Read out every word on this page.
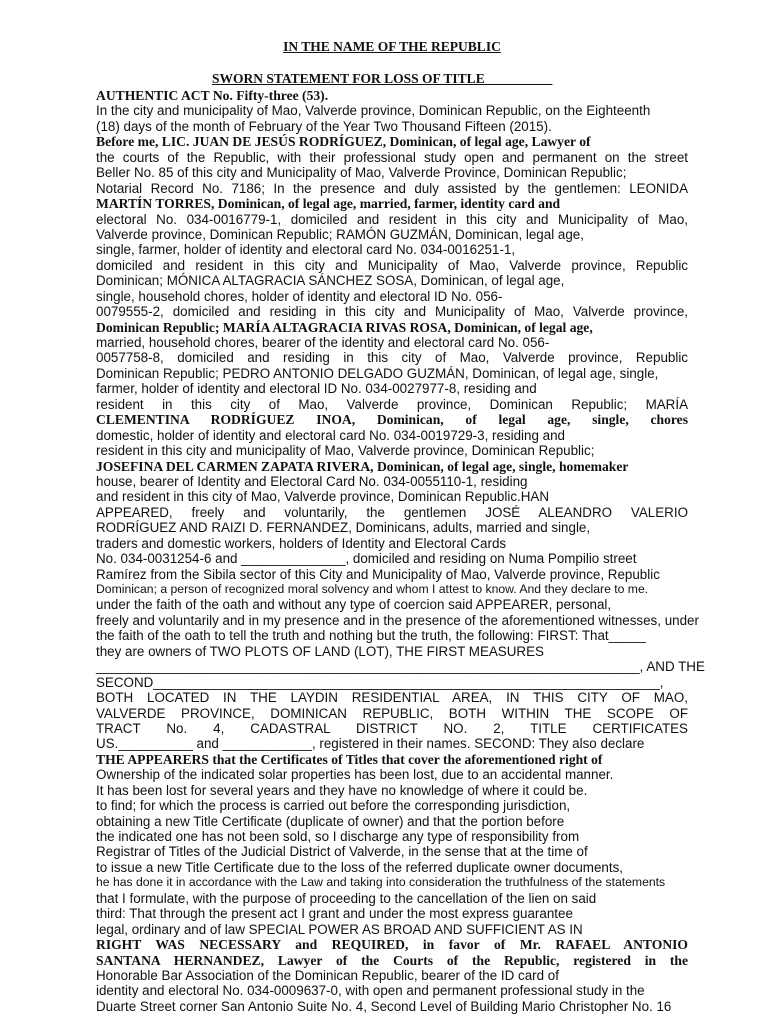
IN THE NAME OF THE REPUBLIC

SWORN STATEMENT FOR LOSS OF TITLE__________

AUTHENTIC ACT No. Fifty-three (53).
In the city and municipality of Mao, Valverde province, Dominican Republic, on the Eighteenth
(18) days of the month of February of the Year Two Thousand Fifteen (2015).
Before me, LIC. JUAN DE JESÚS RODRÍGUEZ, Dominican, of legal age, Lawyer of
the courts of the Republic, with their professional study open and permanent on the street
Beller No. 85 of this city and Municipality of Mao, Valverde Province, Dominican Republic;
Notarial Record No. 7186; In the presence and duly assisted by the gentlemen: LEONIDA
MARTÍN TORRES, Dominican, of legal age, married, farmer, identity card and
electoral No. 034-0016779-1, domiciled and resident in this city and Municipality of Mao,
Valverde province, Dominican Republic; RAMÓN GUZMÁN, Dominican, legal age,
single, farmer, holder of identity and electoral card No. 034-0016251-1,
domiciled and resident in this city and Municipality of Mao, Valverde province, Republic
Dominican; MÓNICA ALTAGRACIA SÁNCHEZ SOSA, Dominican, of legal age,
single, household chores, holder of identity and electoral ID No. 056-
0079555-2, domiciled and residing in this city and Municipality of Mao, Valverde province,
Dominican Republic; MARÍA ALTAGRACIA RIVAS ROSA, Dominican, of legal age,
married, household chores, bearer of the identity and electoral card No. 056-
0057758-8, domiciled and residing in this city of Mao, Valverde province, Republic
Dominican Republic; PEDRO ANTONIO DELGADO GUZMÁN, Dominican, of legal age, single,
farmer, holder of identity and electoral ID No. 034-0027977-8, residing and
resident in this city of Mao, Valverde province, Dominican Republic; MARÍA
CLEMENTINA RODRÍGUEZ INOA, Dominican, of legal age, single, chores
domestic, holder of identity and electoral card No. 034-0019729-3, residing and
resident in this city and municipality of Mao, Valverde province, Dominican Republic;
JOSEFINA DEL CARMEN ZAPATA RIVERA, Dominican, of legal age, single, homemaker
house, bearer of Identity and Electoral Card No. 034-0055110-1, residing
and resident in this city of Mao, Valverde province, Dominican Republic.HAN
APPEARED, freely and voluntarily, the gentlemen JOSÉ ALEANDRO VALERIO
RODRÍGUEZ AND RAIZI D. FERNANDEZ, Dominicans, adults, married and single,
traders and domestic workers, holders of Identity and Electoral Cards
No. 034-0031254-6 and ______________, domiciled and residing on Numa Pompilio street
Ramírez from the Sibila sector of this City and Municipality of Mao, Valverde province, Republic
Dominican; a person of recognized moral solvency and whom I attest to know. And they declare to me.
under the faith of the oath and without any type of coercion said APPEARER, personal,
freely and voluntarily and in my presence and in the presence of the aforementioned witnesses, under
the faith of the oath to tell the truth and nothing but the truth, the following: FIRST: That_____
they are owners of TWO PLOTS OF LAND (LOT), THE FIRST MEASURES
_________________________________________________________________________, AND THE
SECOND____________________________________________________________________,
BOTH LOCATED IN THE LAYDIN RESIDENTIAL AREA, IN THIS CITY OF MAO,
VALVERDE PROVINCE, DOMINICAN REPUBLIC, BOTH WITHIN THE SCOPE OF
TRACT No. 4, CADASTRAL DISTRICT NO. 2, TITLE CERTIFICATES
US.__________ and ____________, registered in their names. SECOND: They also declare
THE APPEARERS that the Certificates of Titles that cover the aforementioned right of
Ownership of the indicated solar properties has been lost, due to an accidental manner.
It has been lost for several years and they have no knowledge of where it could be.
to find; for which the process is carried out before the corresponding jurisdiction,
obtaining a new Title Certificate (duplicate of owner) and that the portion before
the indicated one has not been sold, so I discharge any type of responsibility from
Registrar of Titles of the Judicial District of Valverde, in the sense that at the time of
to issue a new Title Certificate due to the loss of the referred duplicate owner documents,
he has done it in accordance with the Law and taking into consideration the truthfulness of the statements
that I formulate, with the purpose of proceeding to the cancellation of the lien on said
third: That through the present act I grant and under the most express guarantee
legal, ordinary and of law SPECIAL POWER AS BROAD AND SUFFICIENT AS IN
RIGHT WAS NECESSARY and REQUIRED, in favor of Mr. RAFAEL ANTONIO
SANTANA HERNANDEZ, Lawyer of the Courts of the Republic, registered in the
Honorable Bar Association of the Dominican Republic, bearer of the ID card of
identity and electoral No. 034-0009637-0, with open and permanent professional study in the
Duarte Street corner San Antonio Suite No. 4, Second Level of Building Mario Christopher No. 16
